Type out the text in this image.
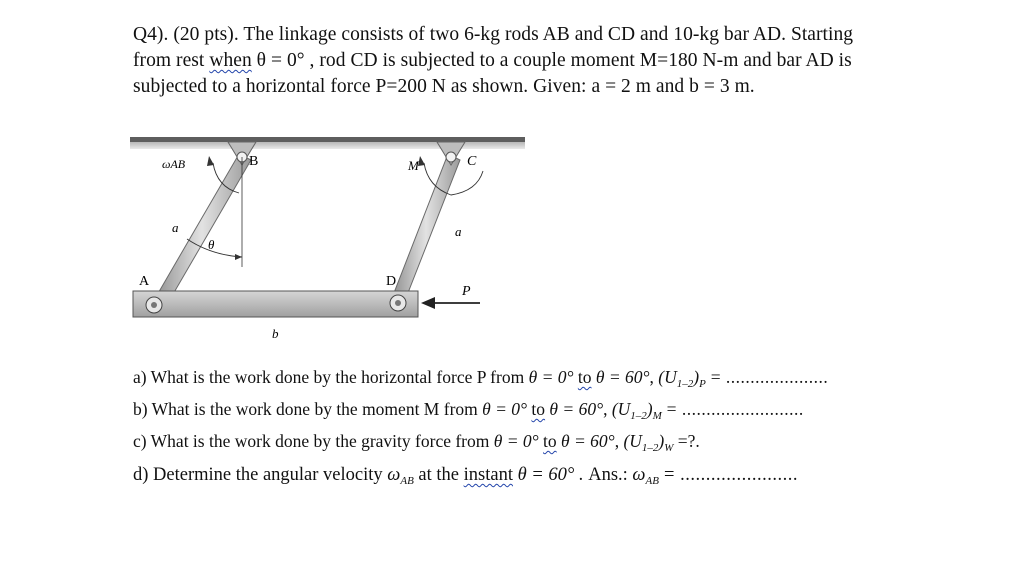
Q4). (20 pts). The linkage consists of two 6-kg rods AB and CD and 10-kg bar AD. Starting
from rest when θ = 0° , rod CD is subjected to a couple moment M=180 N-m and bar AD is
subjected to a horizontal force P=200 N as shown. Given: a = 2 m and b = 3 m.
ωAB	B	M	C
a	a
θ
A	D
P
b
a) What is the work done by the horizontal force P from θ = 0° to θ = 60°, $(U_{1-2})_P$ = .....................
b) What is the work done by the moment M from θ = 0° to θ = 60°, $(U_{1-2})_M$ = .........................
c) What is the work done by the gravity force from θ = 0° to θ = 60°, $(U_{1-2})_W$ =?.
d) Determine the angular velocity $\omega_{AB}$ at the instant θ = 60° . Ans.: $\omega_{AB}$ = .......................
